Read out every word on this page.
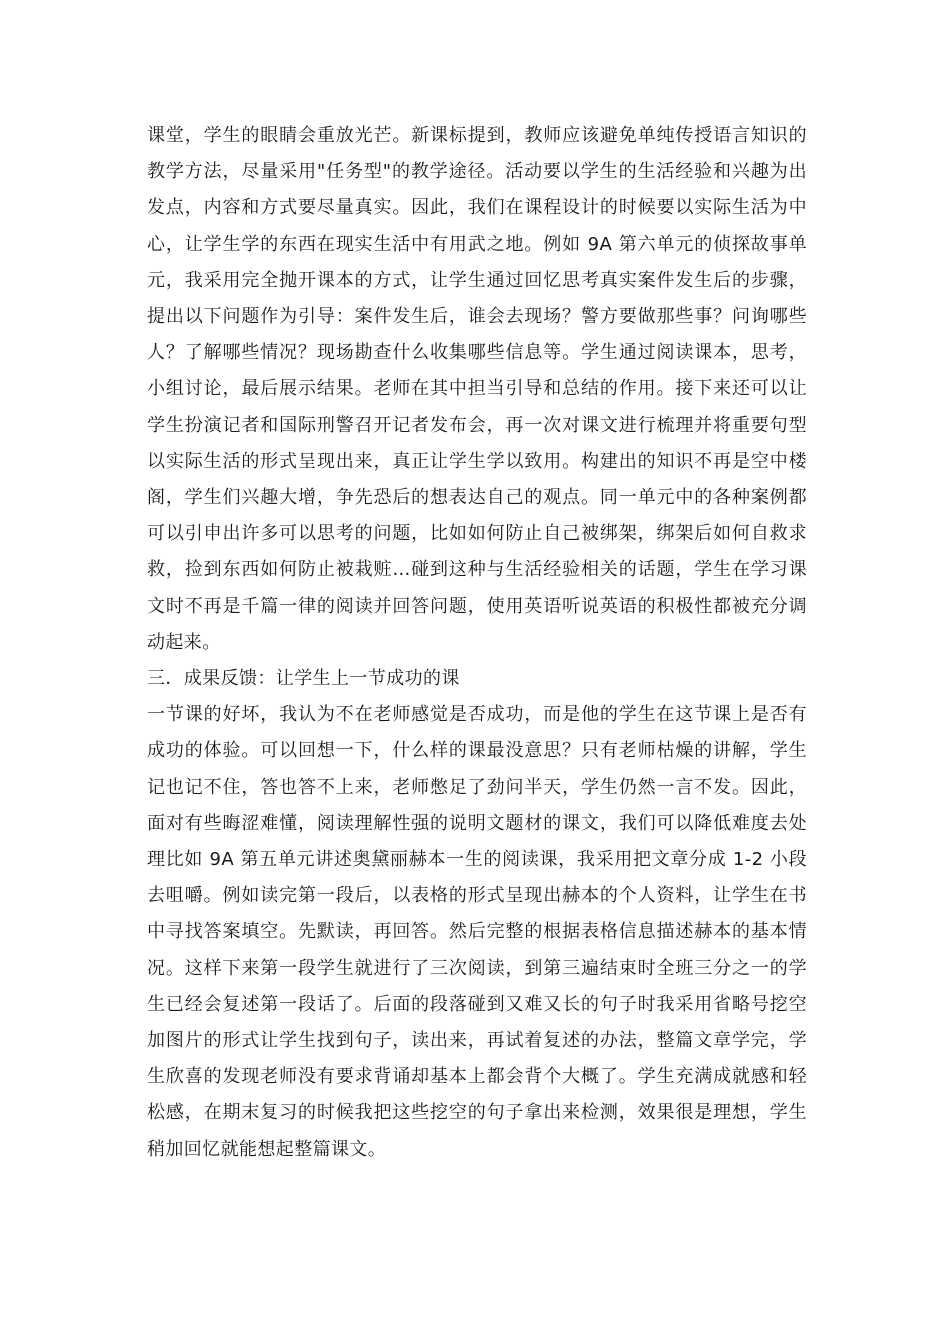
课堂，学生的眼睛会重放光芒。新课标提到，教师应该避免单纯传授语言知识的教学方法，尽量采用"任务型"的教学途径。活动要以学生的生活经验和兴趣为出发点，内容和方式要尽量真实。因此，我们在课程设计的时候要以实际生活为中心，让学生学的东西在现实生活中有用武之地。例如 9A 第六单元的侦探故事单元，我采用完全抛开课本的方式，让学生通过回忆思考真实案件发生后的步骤，提出以下问题作为引导：案件发生后，谁会去现场？警方要做那些事？问询哪些人？了解哪些情况？现场勘查什么收集哪些信息等。学生通过阅读课本，思考，小组讨论，最后展示结果。老师在其中担当引导和总结的作用。接下来还可以让学生扮演记者和国际刑警召开记者发布会，再一次对课文进行梳理并将重要句型以实际生活的形式呈现出来，真正让学生学以致用。构建出的知识不再是空中楼阁，学生们兴趣大增，争先恐后的想表达自己的观点。同一单元中的各种案例都可以引申出许多可以思考的问题，比如如何防止自己被绑架，绑架后如何自救求救，捡到东西如何防止被栽赃…碰到这种与生活经验相关的话题，学生在学习课文时不再是千篇一律的阅读并回答问题，使用英语听说英语的积极性都被充分调动起来。

三．成果反馈：让学生上一节成功的课

一节课的好坏，我认为不在老师感觉是否成功，而是他的学生在这节课上是否有成功的体验。可以回想一下，什么样的课最没意思？只有老师枯燥的讲解，学生记也记不住，答也答不上来，老师憋足了劲问半天，学生仍然一言不发。因此，面对有些晦涩难懂，阅读理解性强的说明文题材的课文，我们可以降低难度去处理比如 9A 第五单元讲述奥黛丽赫本一生的阅读课，我采用把文章分成 1-2 小段去咀嚼。例如读完第一段后，以表格的形式呈现出赫本的个人资料，让学生在书中寻找答案填空。先默读，再回答。然后完整的根据表格信息描述赫本的基本情况。这样下来第一段学生就进行了三次阅读，到第三遍结束时全班三分之一的学生已经会复述第一段话了。后面的段落碰到又难又长的句子时我采用省略号挖空加图片的形式让学生找到句子，读出来，再试着复述的办法，整篇文章学完，学生欣喜的发现老师没有要求背诵却基本上都会背个大概了。学生充满成就感和轻松感，在期末复习的时候我把这些挖空的句子拿出来检测，效果很是理想，学生稍加回忆就能想起整篇课文。
